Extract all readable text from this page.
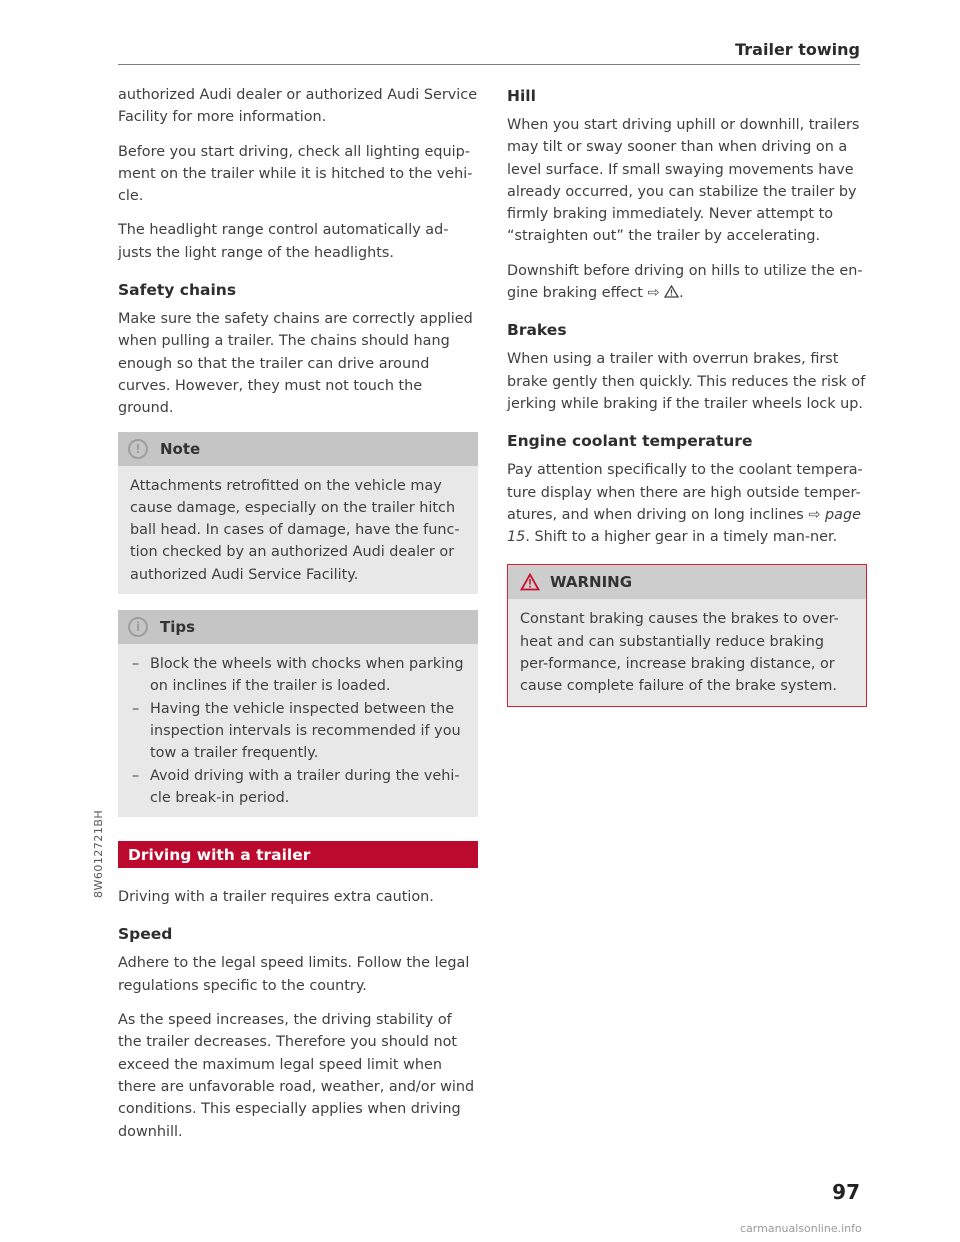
Trailer towing

authorized Audi dealer or authorized Audi Service Facility for more information.

Before you start driving, check all lighting equip-ment on the trailer while it is hitched to the vehi-cle.

The headlight range control automatically ad-justs the light range of the headlights.

Safety chains

Make sure the safety chains are correctly applied when pulling a trailer. The chains should hang enough so that the trailer can drive around curves. However, they must not touch the ground.

!	Note

Attachments retrofitted on the vehicle may cause damage, especially on the trailer hitch ball head. In cases of damage, have the func-tion checked by an authorized Audi dealer or authorized Audi Service Facility.

i	Tips
– Block the wheels with chocks when parking on inclines if the trailer is loaded.
– Having the vehicle inspected between the inspection intervals is recommended if you tow a trailer frequently.
– Avoid driving with a trailer during the vehi-cle break-in period.
Driving with a trailer

Driving with a trailer requires extra caution.

Speed

Adhere to the legal speed limits. Follow the legal regulations specific to the country.

As the speed increases, the driving stability of the trailer decreases. Therefore you should not exceed the maximum legal speed limit when there are unfavorable road, weather, and/or wind conditions. This especially applies when driving downhill.

Hill

When you start driving uphill or downhill, trailers may tilt or sway sooner than when driving on a level surface. If small swaying movements have already occurred, you can stabilize the trailer by firmly braking immediately. Never attempt to “straighten out” the trailer by accelerating.

Downshift before driving on hills to utilize the en-gine braking effect ⇨ .

Brakes

When using a trailer with overrun brakes, first brake gently then quickly. This reduces the risk of jerking while braking if the trailer wheels lock up.

Engine coolant temperature

Pay attention specifically to the coolant tempera-ture display when there are high outside temper-atures, and when driving on long inclines ⇨ page 15. Shift to a higher gear in a timely man-ner.

WARNING

Constant braking causes the brakes to over-heat and can substantially reduce braking per-formance, increase braking distance, or cause complete failure of the brake system.

8W6012721BH
97
carmanualsonline.info
